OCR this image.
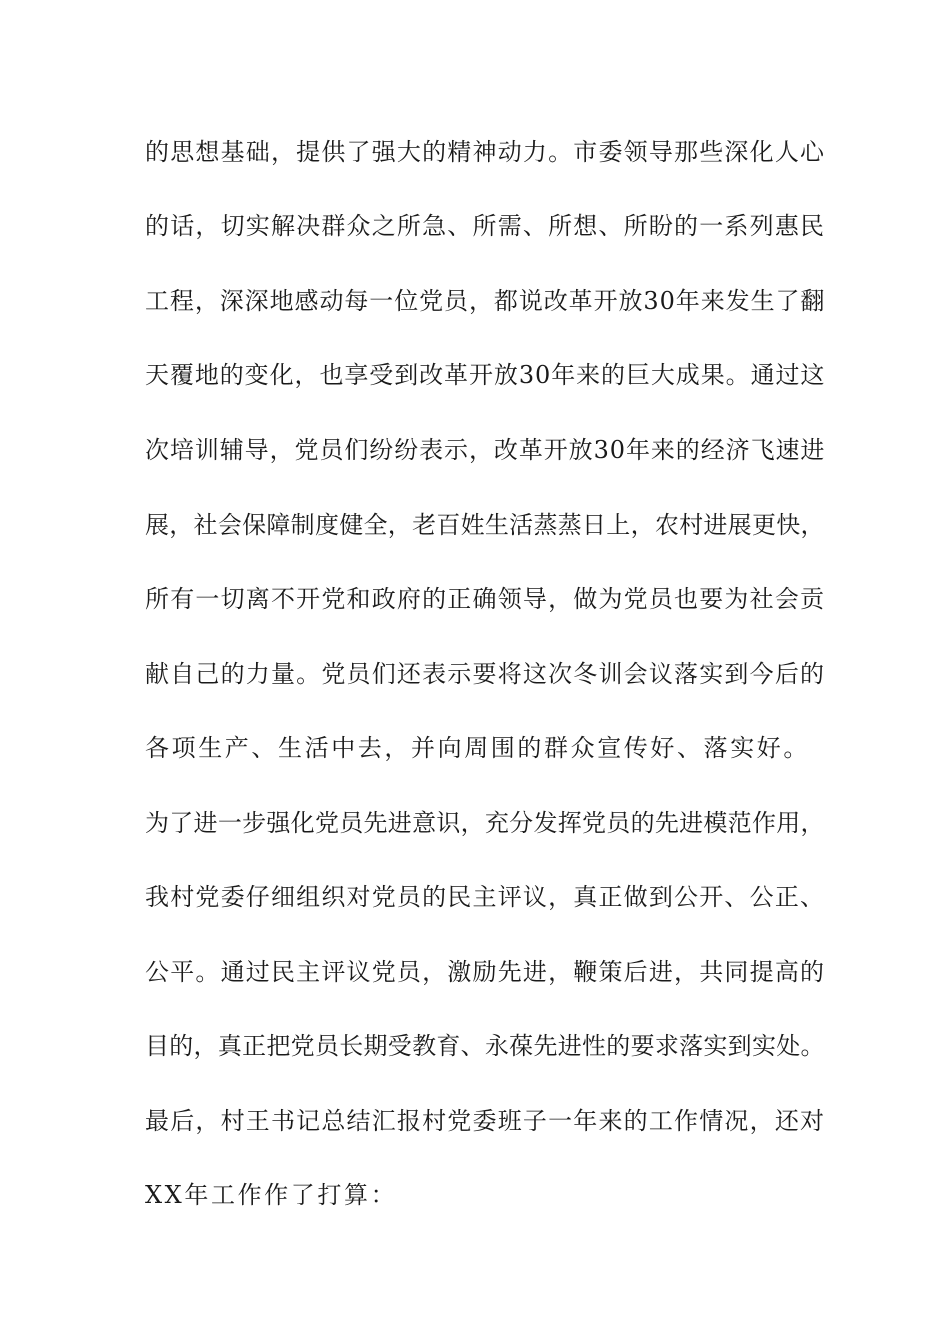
的思想基础，提供了强大的精神动力。市委领导那些深化人心
的话，切实解决群众之所急、所需、所想、所盼的一系列惠民
工程，深深地感动每一位党员，都说改革开放30年来发生了翻
天覆地的变化，也享受到改革开放30年来的巨大成果。通过这
次培训辅导，党员们纷纷表示，改革开放30年来的经济飞速进
展，社会保障制度健全，老百姓生活蒸蒸日上，农村进展更快，
所有一切离不开党和政府的正确领导，做为党员也要为社会贡
献自己的力量。党员们还表示要将这次冬训会议落实到今后的
各项生产、生活中去，并向周围的群众宣传好、落实好。
为了进一步强化党员先进意识，充分发挥党员的先进模范作用，
我村党委仔细组织对党员的民主评议，真正做到公开、公正、
公平。通过民主评议党员，激励先进，鞭策后进，共同提高的
目的，真正把党员长期受教育、永葆先进性的要求落实到实处。
最后，村王书记总结汇报村党委班子一年来的工作情况，还对
XX年工作作了打算：
